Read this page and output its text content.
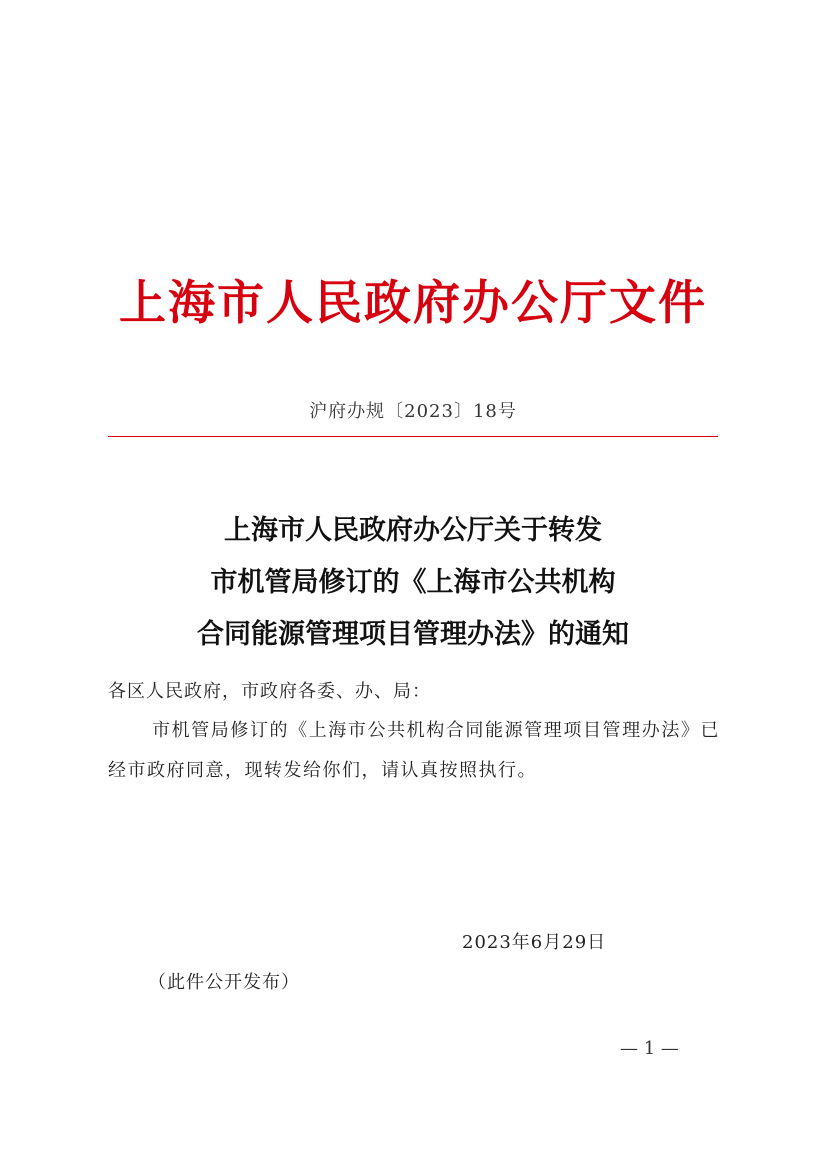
上海市人民政府办公厅文件
沪府办规〔2023〕18号
上海市人民政府办公厅关于转发
市机管局修订的《上海市公共机构
合同能源管理项目管理办法》的通知
各区人民政府，市政府各委、办、局：
市机管局修订的《上海市公共机构合同能源管理项目管理办法》已经市政府同意，现转发给你们，请认真按照执行。
2023年6月29日
（此件公开发布）
— 1 —
